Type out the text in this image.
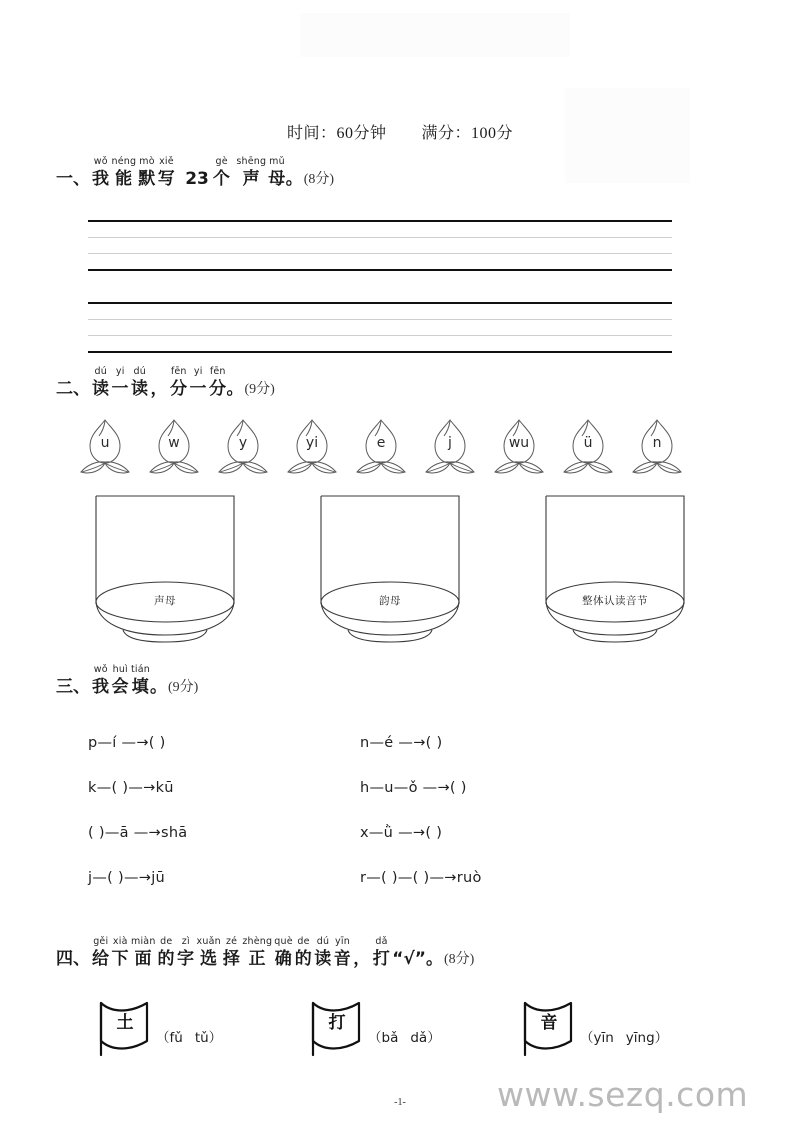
时间：60分钟 满分：100分
一、
wǒ
我
néng
能
mò
默
xiě
写
23
gè
个
shēng
声
mǔ
母 。 (8分)
二、
dú
读
yi
一
dú
读
，
fēn
分
yi
一
fēn
分 。 (9分)
u	w	y	yi	e	j	wu	ü	n
声母	韵母	整体认读音节
三、
wǒ
我
huì
会
tián
填 。 (9分)
p—í —→( )	n—é —→( )
k—( )—→kū	h—u—ǒ —→( )
( )—ā —→shā	x—ǜ —→( )
j—( )—→jū	r—( )—( )—→ruò
四、
gěi
给
xià
下
miàn
面
de
的
zì
字
xuǎn
选
zé
择
zhèng
正
què
确
de
的
dú
读
yīn
音
，
dǎ
打
“√” 。 (8分)
土
（fǔ tǔ）
打
（bǎ dǎ）
音
（yīn yīng）
-1-	www.sezq.com
